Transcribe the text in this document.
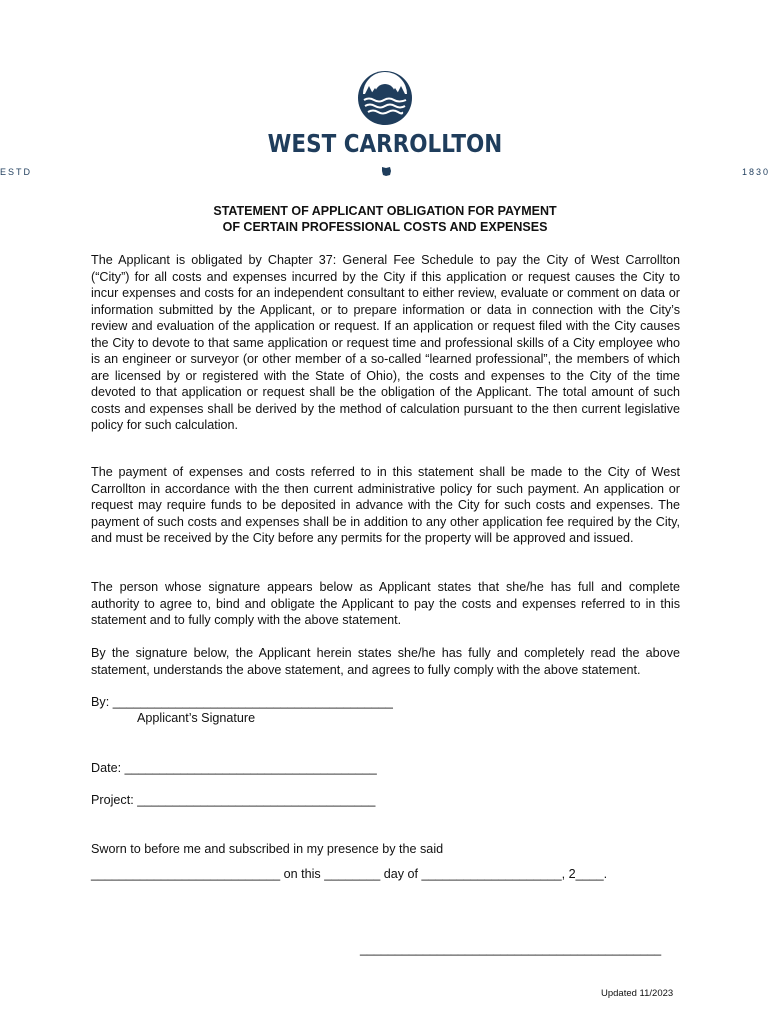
WEST CARROLLTON
ESTD	1830
STATEMENT OF APPLICANT OBLIGATION FOR PAYMENT
OF CERTAIN PROFESSIONAL COSTS AND EXPENSES

The Applicant is obligated by Chapter 37: General Fee Schedule to pay the City of West Carrollton (“City”) for all costs and expenses incurred by the City if this application or request causes the City to incur expenses and costs for an independent consultant to either review, evaluate or comment on data or information submitted by the Applicant, or to prepare information or data in connection with the City’s review and evaluation of the application or request. If an application or request filed with the City causes the City to devote to that same application or request time and professional skills of a City employee who is an engineer or surveyor (or other member of a so-called “learned professional”, the members of which are licensed by or registered with the State of Ohio), the costs and expenses to the City of the time devoted to that application or request shall be the obligation of the Applicant. The total amount of such costs and expenses shall be derived by the method of calculation pursuant to the then current legislative policy for such calculation.

The payment of expenses and costs referred to in this statement shall be made to the City of West Carrollton in accordance with the then current administrative policy for such payment. An application or request may require funds to be deposited in advance with the City for such costs and expenses. The payment of such costs and expenses shall be in addition to any other application fee required by the City, and must be received by the City before any permits for the property will be approved and issued.

The person whose signature appears below as Applicant states that she/he has full and complete authority to agree to, bind and obligate the Applicant to pay the costs and expenses referred to in this statement and to fully comply with the above statement.

By the signature below, the Applicant herein states she/he has fully and completely read the above statement, understands the above statement, and agrees to fully comply with the above statement.

By: ________________________________________
Applicant’s Signature
Date: ____________________________________
Project: __________________________________
Sworn to before me and subscribed in my presence by the said
___________________________ on this ________ day of ____________________, 2____.
___________________________________________
Updated 11/2023
